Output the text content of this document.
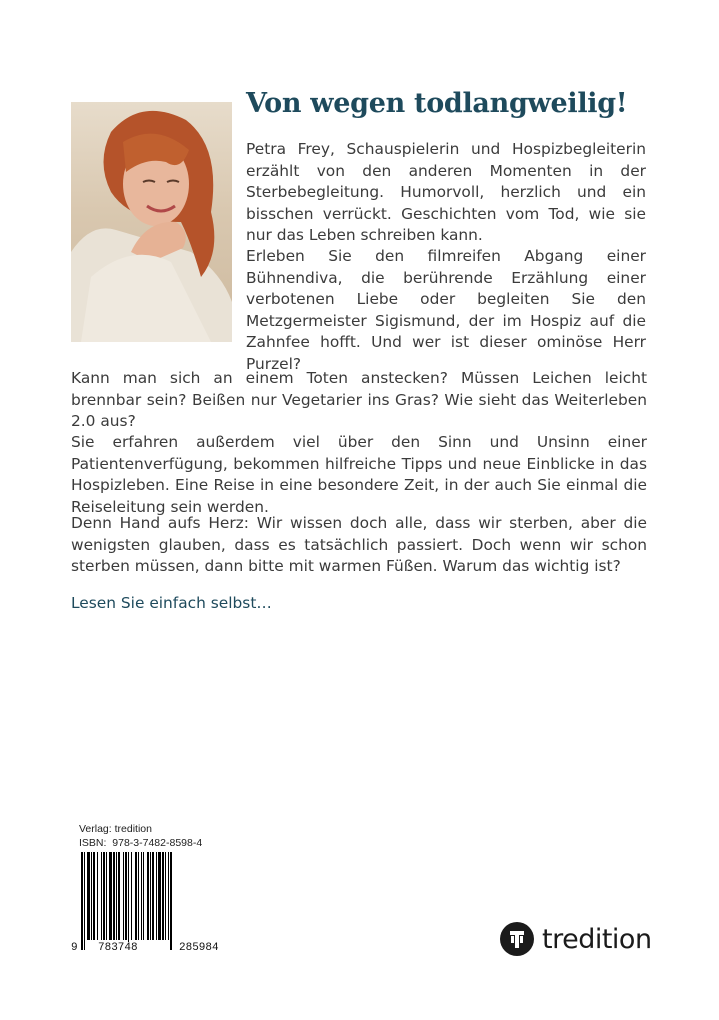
Von wegen todlangweilig!

Petra Frey, Schauspielerin und Hospizbegleiterin erzählt von den anderen Momenten in der Sterbebegleitung. Humorvoll, herzlich und ein bisschen verrückt. Geschichten vom Tod, wie sie nur das Leben schreiben kann.

Erleben Sie den filmreifen Abgang einer Bühnendiva, die berührende Erzählung einer verbotenen Liebe oder begleiten Sie den Metzgermeister Sigismund, der im Hospiz auf die Zahnfee hofft. Und wer ist dieser ominöse Herr Purzel?

Kann man sich an einem Toten anstecken? Müssen Leichen leicht brennbar sein? Beißen nur Vegetarier ins Gras? Wie sieht das Weiterleben 2.0 aus?

Sie erfahren außerdem viel über den Sinn und Unsinn einer Patientenverfügung, bekommen hilfreiche Tipps und neue Einblicke in das Hospizleben. Eine Reise in eine besondere Zeit, in der auch Sie einmal die Reiseleitung sein werden.

Denn Hand aufs Herz: Wir wissen doch alle, dass wir sterben, aber die wenigsten glauben, dass es tatsächlich passiert. Doch wenn wir schon sterben müssen, dann bitte mit warmen Füßen. Warum das wichtig ist?

Lesen Sie einfach selbst…
Verlag: tredition
ISBN: 978-3-7482-8598-4
9 783748	285984	tredition
